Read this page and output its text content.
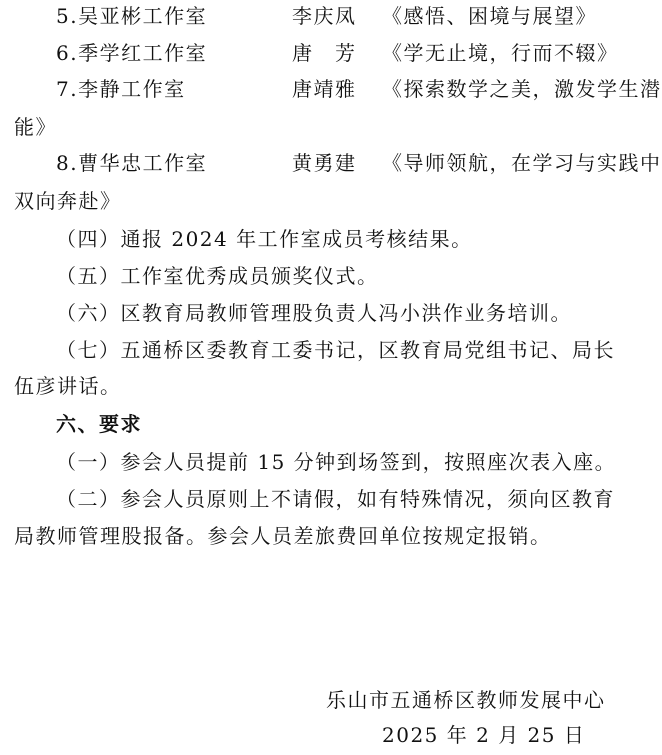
5.吴亚彬工作室	李庆凤 《感悟、困境与展望》
6.季学红工作室	唐　芳 《学无止境，行而不辍》
7.李静工作室	唐靖雅 《探索数学之美，激发学生潜
能》
8.曹华忠工作室	黄勇建 《导师领航，在学习与实践中
双向奔赴》
（四）通报 2024 年工作室成员考核结果。
（五）工作室优秀成员颁奖仪式。
（六）区教育局教师管理股负责人冯小洪作业务培训。
（七）五通桥区委教育工委书记，区教育局党组书记、局长
伍彦讲话。
六、要求
（一）参会人员提前 15 分钟到场签到，按照座次表入座。
（二）参会人员原则上不请假，如有特殊情况，须向区教育
局教师管理股报备。参会人员差旅费回单位按规定报销。
乐山市五通桥区教师发展中心
2025 年 2 月 25 日
